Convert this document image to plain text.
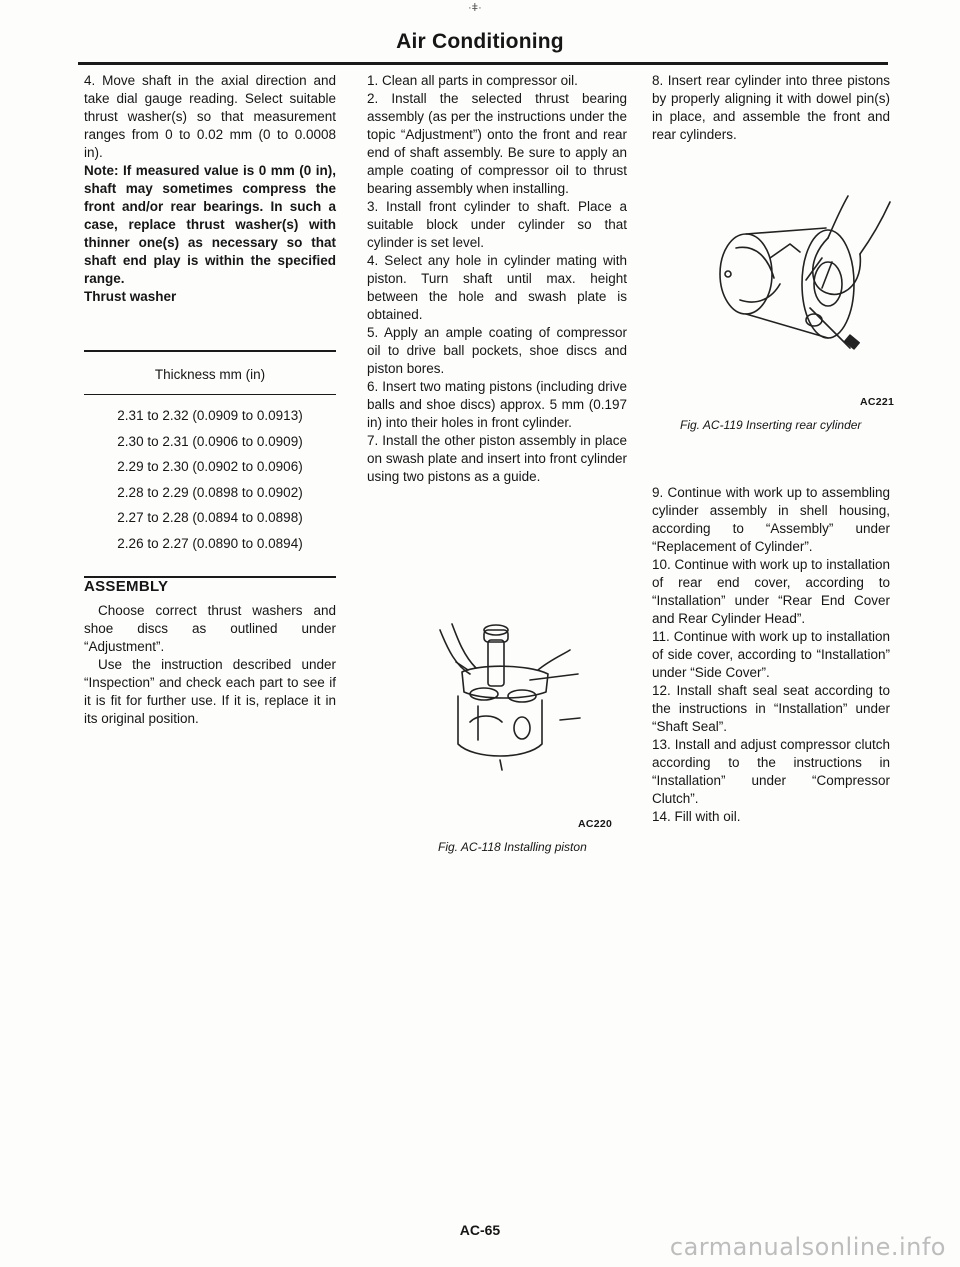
·ǂ·
Air Conditioning

4. Move shaft in the axial direction and take dial gauge reading. Select suitable thrust washer(s) so that measurement ranges from 0 to 0.02 mm (0 to 0.0008 in).

Note: If measured value is 0 mm (0 in), shaft may sometimes compress the front and/or rear bearings. In such a case, replace thrust washer(s) with thinner one(s) as necessary so that shaft end play is within the specified range.

Thrust washer

Thickness mm (in)
2.31 to 2.32 (0.0909 to 0.0913)
2.30 to 2.31 (0.0906 to 0.0909)
2.29 to 2.30 (0.0902 to 0.0906)
2.28 to 2.29 (0.0898 to 0.0902)
2.27 to 2.28 (0.0894 to 0.0898)
2.26 to 2.27 (0.0890 to 0.0894)

ASSEMBLY

Choose correct thrust washers and shoe discs as outlined under “Adjustment”.

Use the instruction described under “Inspection” and check each part to see if it is fit for further use. If it is, replace it in its original position.

1. Clean all parts in compressor oil.

2. Install the selected thrust bearing assembly (as per the instructions under the topic “Adjustment”) onto the front and rear end of shaft assembly. Be sure to apply an ample coating of compressor oil to thrust bearing assembly when installing.

3. Install front cylinder to shaft. Place a suitable block under cylinder so that cylinder is set level.

4. Select any hole in cylinder mating with piston. Turn shaft until max. height between the hole and swash plate is obtained.

5. Apply an ample coating of compressor oil to drive ball pockets, shoe discs and piston bores.

6. Insert two mating pistons (including drive balls and shoe discs) approx. 5 mm (0.197 in) into their holes in front cylinder.

7. Install the other piston assembly in place on swash plate and insert into front cylinder using two pistons as a guide.

AC220
Fig. AC-118 Installing piston

8. Insert rear cylinder into three pistons by properly aligning it with dowel pin(s) in place, and assemble the front and rear cylinders.

AC221
Fig. AC-119 Inserting rear cylinder

9. Continue with work up to assembling cylinder assembly in shell housing, according to “Assembly” under “Replacement of Cylinder”.

10. Continue with work up to installation of rear end cover, according to “Installation” under “Rear End Cover and Rear Cylinder Head”.

11. Continue with work up to installation of side cover, according to “Installation” under “Side Cover”.

12. Install shaft seal seat according to the instructions in “Installation” under “Shaft Seal”.

13. Install and adjust compressor clutch according to the instructions in “Installation” under “Compressor Clutch”.

14. Fill with oil.

AC-65
carmanualsonline.info
